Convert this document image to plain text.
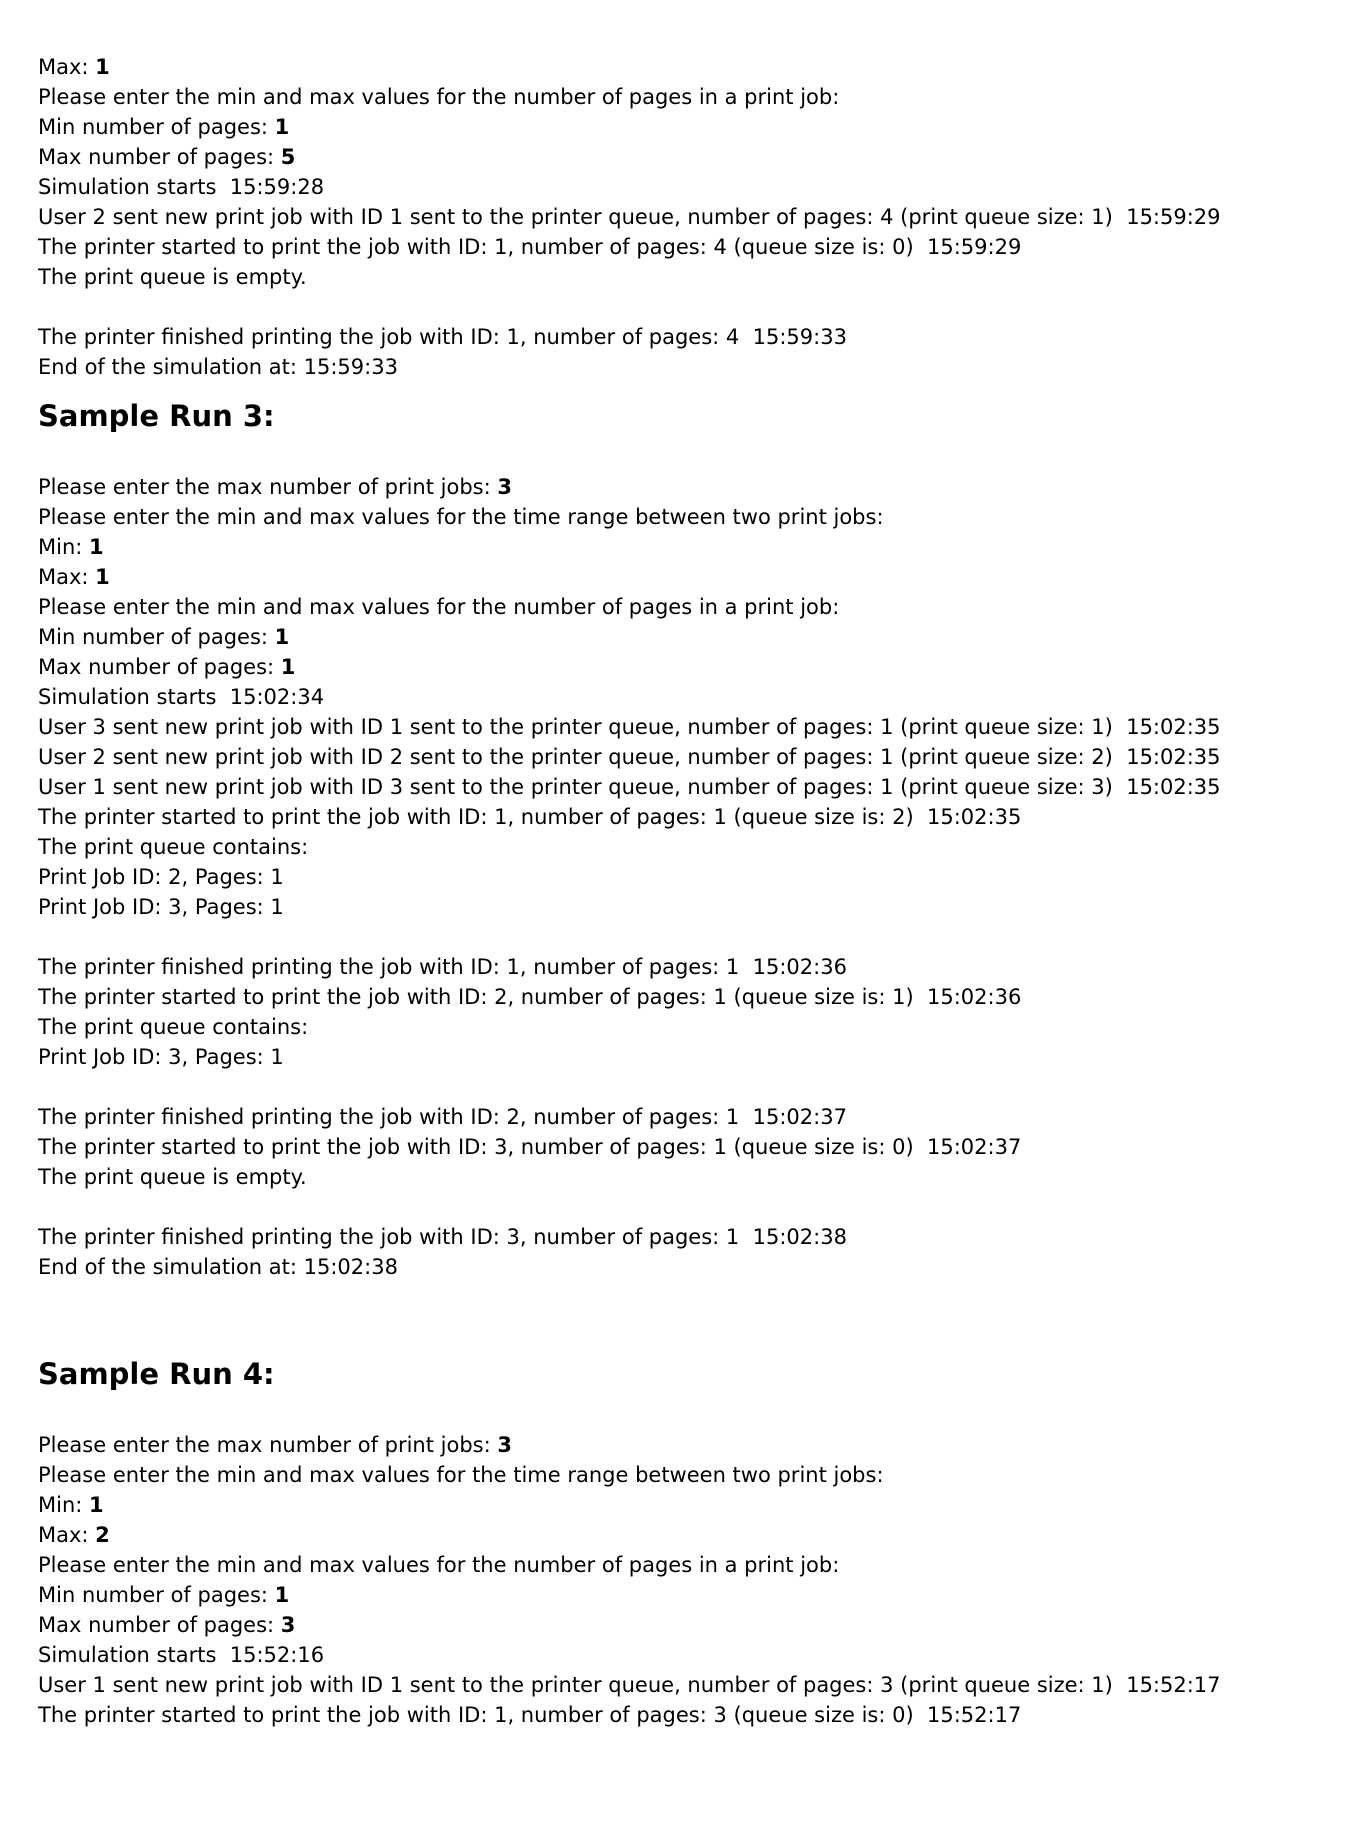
Max: 1
Please enter the min and max values for the number of pages in a print job:
Min number of pages: 1
Max number of pages: 5
Simulation starts  15:59:28
User 2 sent new print job with ID 1 sent to the printer queue, number of pages: 4 (print queue size: 1)  15:59:29
The printer started to print the job with ID: 1, number of pages: 4 (queue size is: 0)  15:59:29
The print queue is empty.
The printer finished printing the job with ID: 1, number of pages: 4  15:59:33
End of the simulation at: 15:59:33
Sample Run 3:
Please enter the max number of print jobs: 3
Please enter the min and max values for the time range between two print jobs:
Min: 1
Max: 1
Please enter the min and max values for the number of pages in a print job:
Min number of pages: 1
Max number of pages: 1
Simulation starts  15:02:34
User 3 sent new print job with ID 1 sent to the printer queue, number of pages: 1 (print queue size: 1)  15:02:35
User 2 sent new print job with ID 2 sent to the printer queue, number of pages: 1 (print queue size: 2)  15:02:35
User 1 sent new print job with ID 3 sent to the printer queue, number of pages: 1 (print queue size: 3)  15:02:35
The printer started to print the job with ID: 1, number of pages: 1 (queue size is: 2)  15:02:35
The print queue contains:
Print Job ID: 2, Pages: 1
Print Job ID: 3, Pages: 1
The printer finished printing the job with ID: 1, number of pages: 1  15:02:36
The printer started to print the job with ID: 2, number of pages: 1 (queue size is: 1)  15:02:36
The print queue contains:
Print Job ID: 3, Pages: 1
The printer finished printing the job with ID: 2, number of pages: 1  15:02:37
The printer started to print the job with ID: 3, number of pages: 1 (queue size is: 0)  15:02:37
The print queue is empty.
The printer finished printing the job with ID: 3, number of pages: 1  15:02:38
End of the simulation at: 15:02:38
Sample Run 4:
Please enter the max number of print jobs: 3
Please enter the min and max values for the time range between two print jobs:
Min: 1
Max: 2
Please enter the min and max values for the number of pages in a print job:
Min number of pages: 1
Max number of pages: 3
Simulation starts  15:52:16
User 1 sent new print job with ID 1 sent to the printer queue, number of pages: 3 (print queue size: 1)  15:52:17
The printer started to print the job with ID: 1, number of pages: 3 (queue size is: 0)  15:52:17
